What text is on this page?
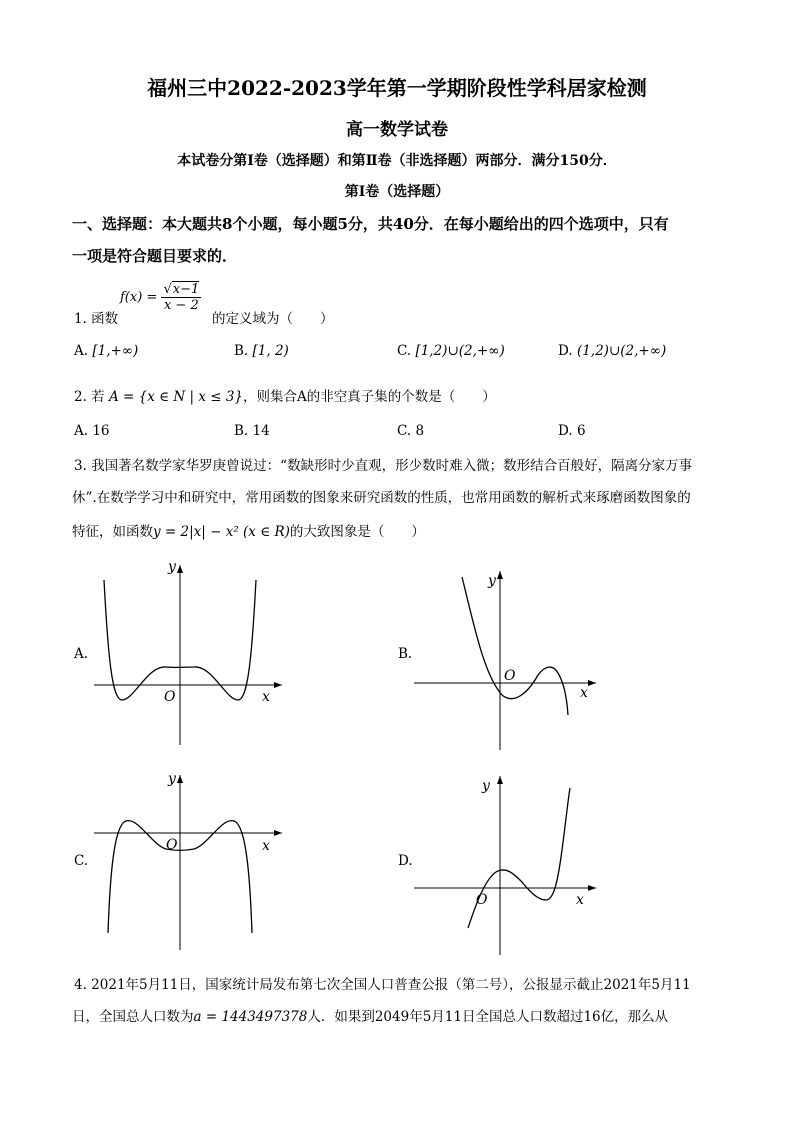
福州三中2022-2023学年第一学期阶段性学科居家检测
高一数学试卷
本试卷分第Ⅰ卷（选择题）和第Ⅱ卷（非选择题）两部分．满分150分．
第Ⅰ卷（选择题）
一、选择题：本大题共8个小题，每小题5分，共40分．在每小题给出的四个选项中，只有
一项是符合题目要求的．
1. 函数
$f(x) = \frac{√x-1}{x - 2}$
的定义域为（　　）
A. [1,+∞)	B. [1, 2)	C. [1,2)∪(2,+∞)	D. (1,2)∪(2,+∞)
2. 若 A = {x ∈ N | x ≤ 3}，则集合A的非空真子集的个数是（　　）
A. 16	B. 14	C. 8	D. 6
3. 我国著名数学家华罗庚曾说过：“数缺形时少直观，形少数时难入微；数形结合百般好，隔离分家万事
休”.在数学学习中和研究中，常用函数的图象来研究函数的性质，也常用函数的解析式来琢磨函数图象的
特征，如函数y = 2|x| − x² (x ∈ R)的大致图象是（　　）
A.
y
x
O
B.
y
x
O
C.
y
x
O
D.
y
x
O
4. 2021年5月11日，国家统计局发布第七次全国人口普查公报（第二号），公报显示截止2021年5月11
日，全国总人口数为a = 1443497378人．如果到2049年5月11日全国总人口数超过16亿，那么从
